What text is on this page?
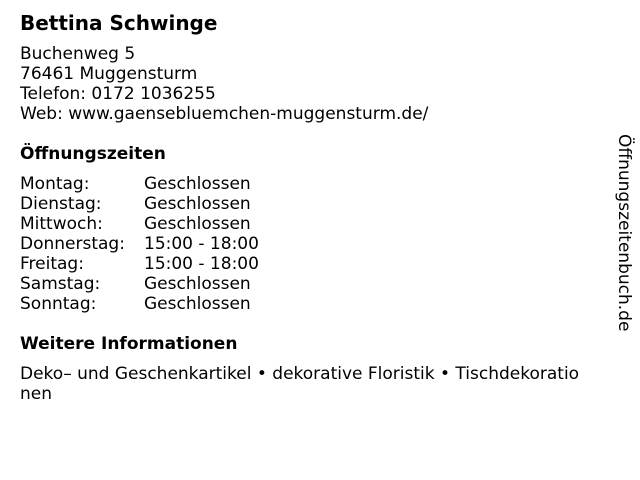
Bettina Schwinge
Buchenweg 5
76461 Muggensturm
Telefon: 0172 1036255
Web: www.gaensebluemchen-muggensturm.de/
Öffnungszeiten
Montag:	Geschlossen
Dienstag:	Geschlossen
Mittwoch:	Geschlossen
Donnerstag:	15:00 - 18:00
Freitag:	15:00 - 18:00
Samstag:	Geschlossen
Sonntag:	Geschlossen
Weitere Informationen
Deko– und Geschenkartikel • dekorative Floristik • Tischdekorationen
Öffnungszeitenbuch.de
